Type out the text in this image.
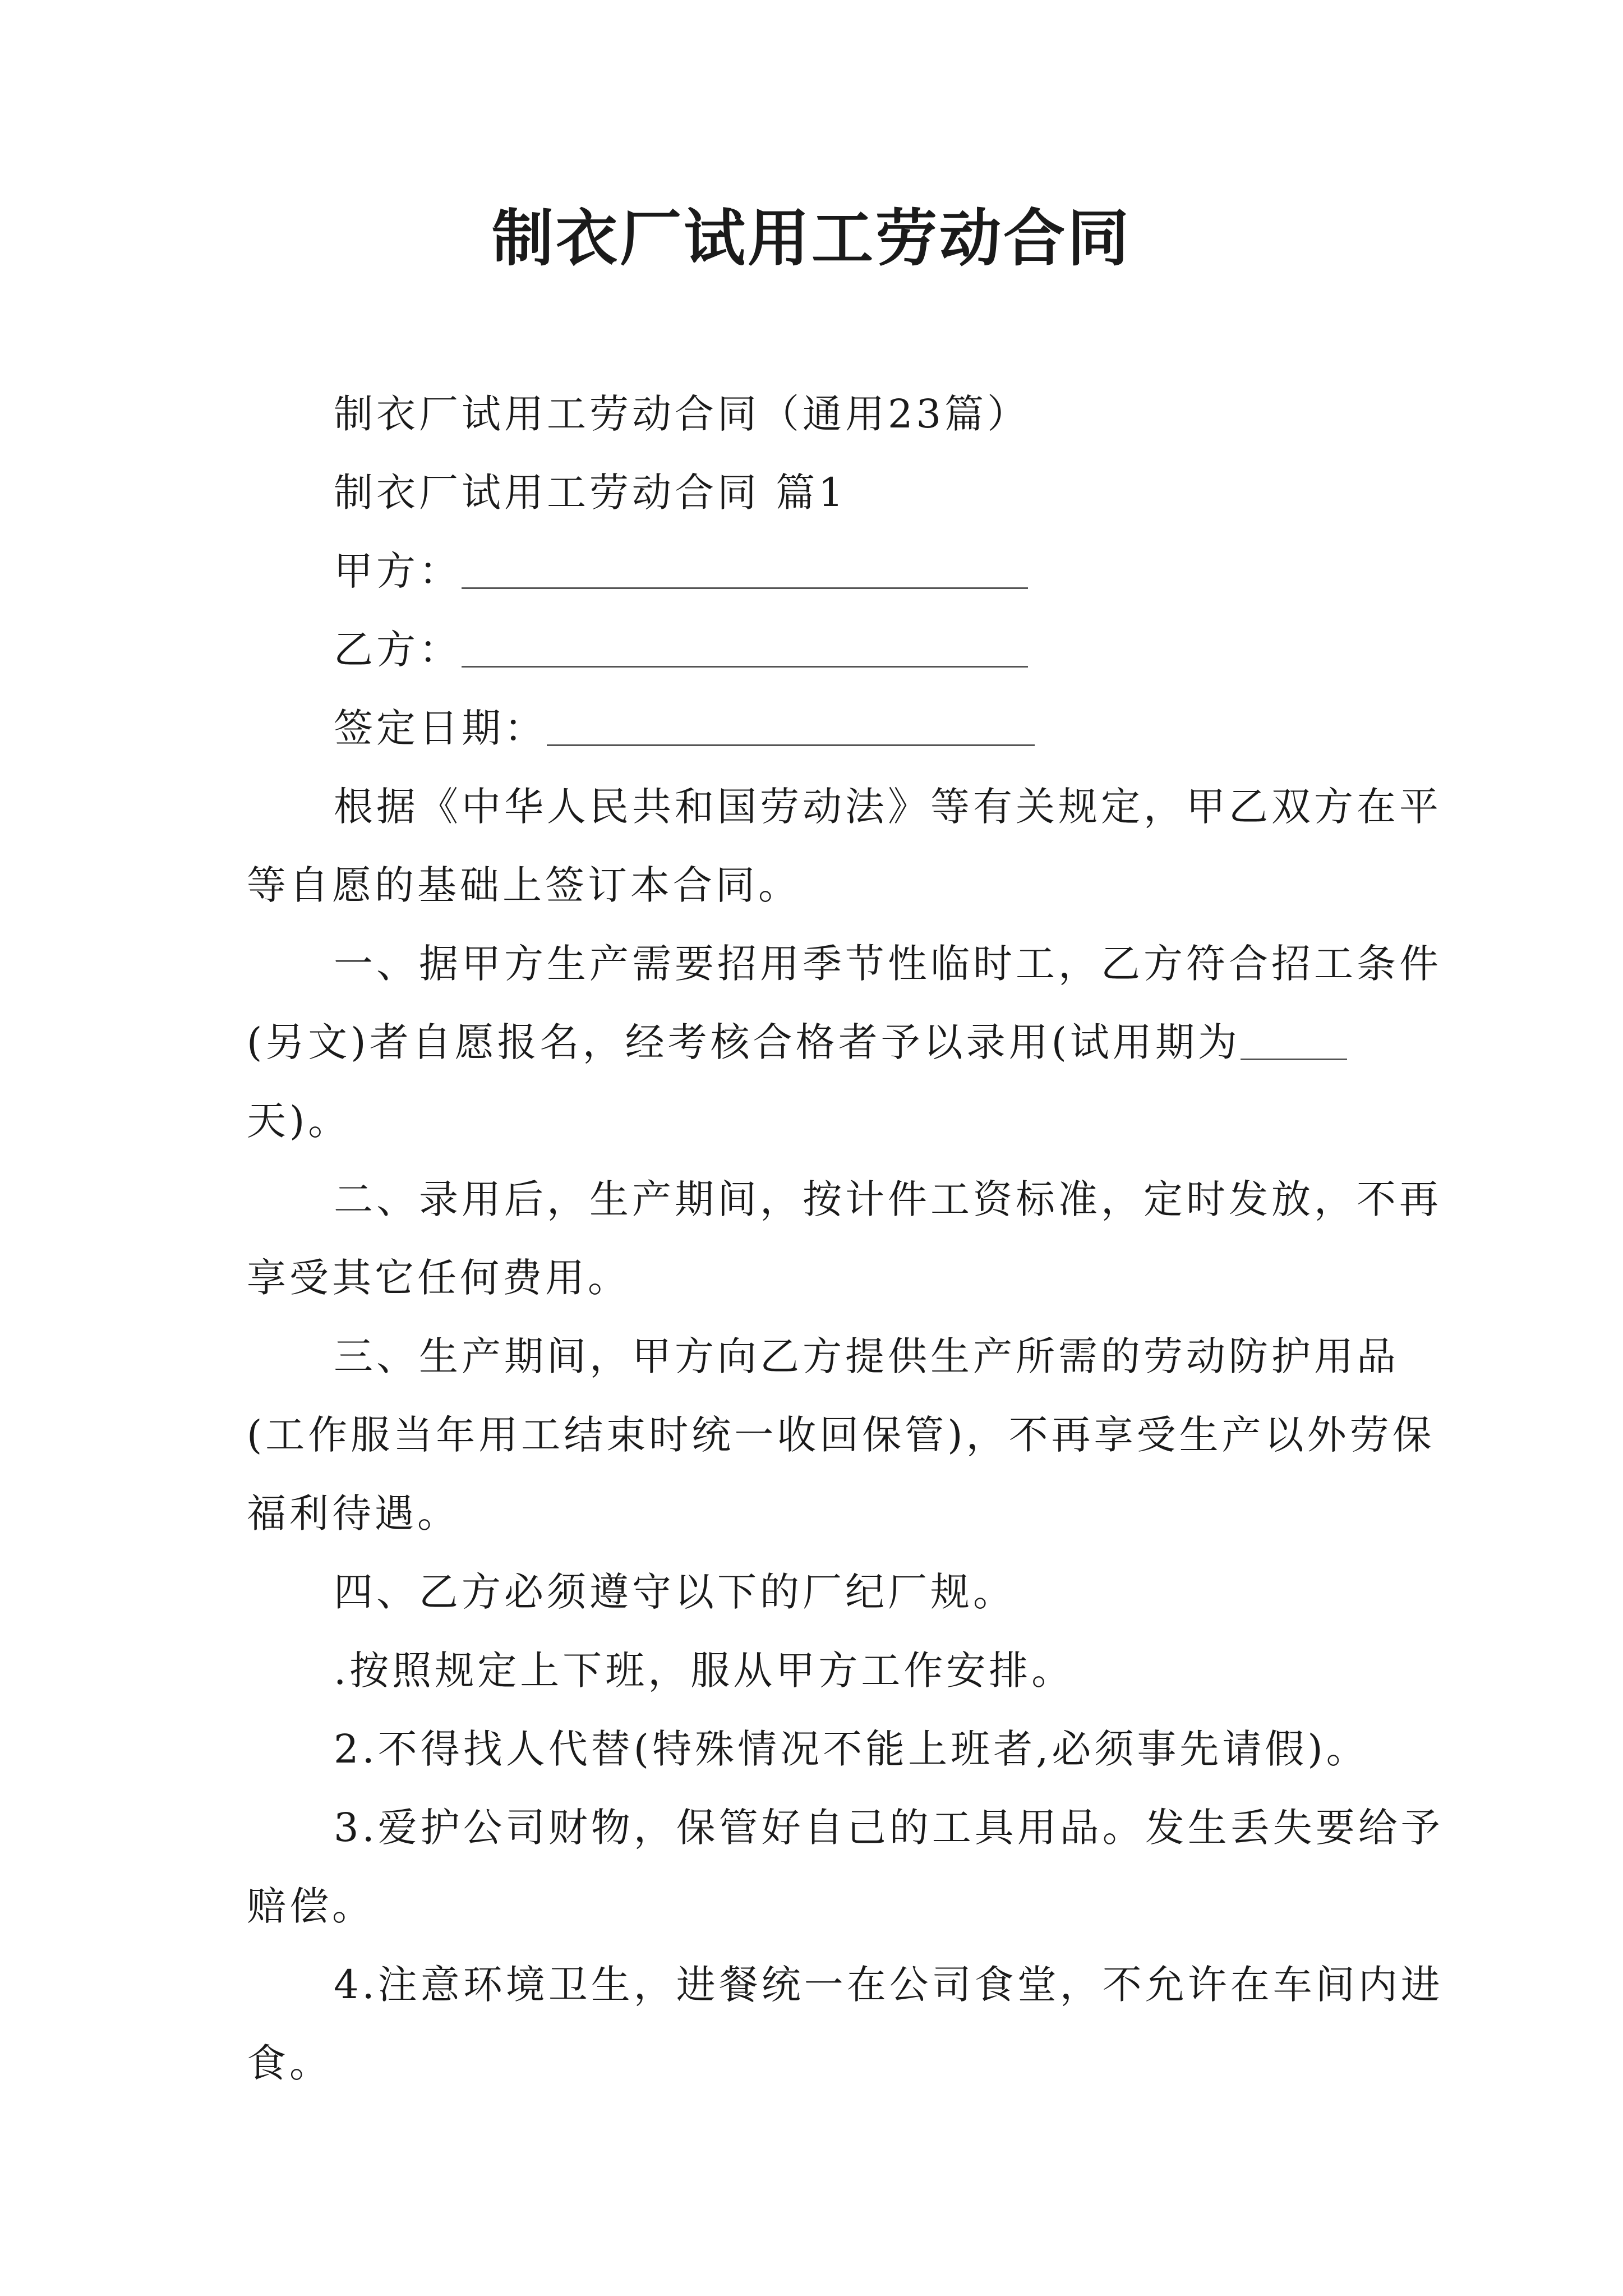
制衣厂试用工劳动合同

制衣厂试用工劳动合同（通用23篇）

制衣厂试用工劳动合同 篇1

甲方：

乙方：

签定日期：

根据《中华人民共和国劳动法》等有关规定，甲乙双方在平等自愿的基础上签订本合同。

一、据甲方生产需要招用季节性临时工，乙方符合招工条件(另文)者自愿报名，经考核合格者予以录用(试用期为天)。

二、录用后，生产期间，按计件工资标准，定时发放，不再享受其它任何费用。

三、生产期间，甲方向乙方提供生产所需的劳动防护用品(工作服当年用工结束时统一收回保管)，不再享受生产以外劳保福利待遇。

四、乙方必须遵守以下的厂纪厂规。

.按照规定上下班，服从甲方工作安排。

2.不得找人代替(特殊情况不能上班者,必须事先请假)。

3.爱护公司财物，保管好自己的工具用品。发生丢失要给予赔偿。

4.注意环境卫生，进餐统一在公司食堂，不允许在车间内进食。
